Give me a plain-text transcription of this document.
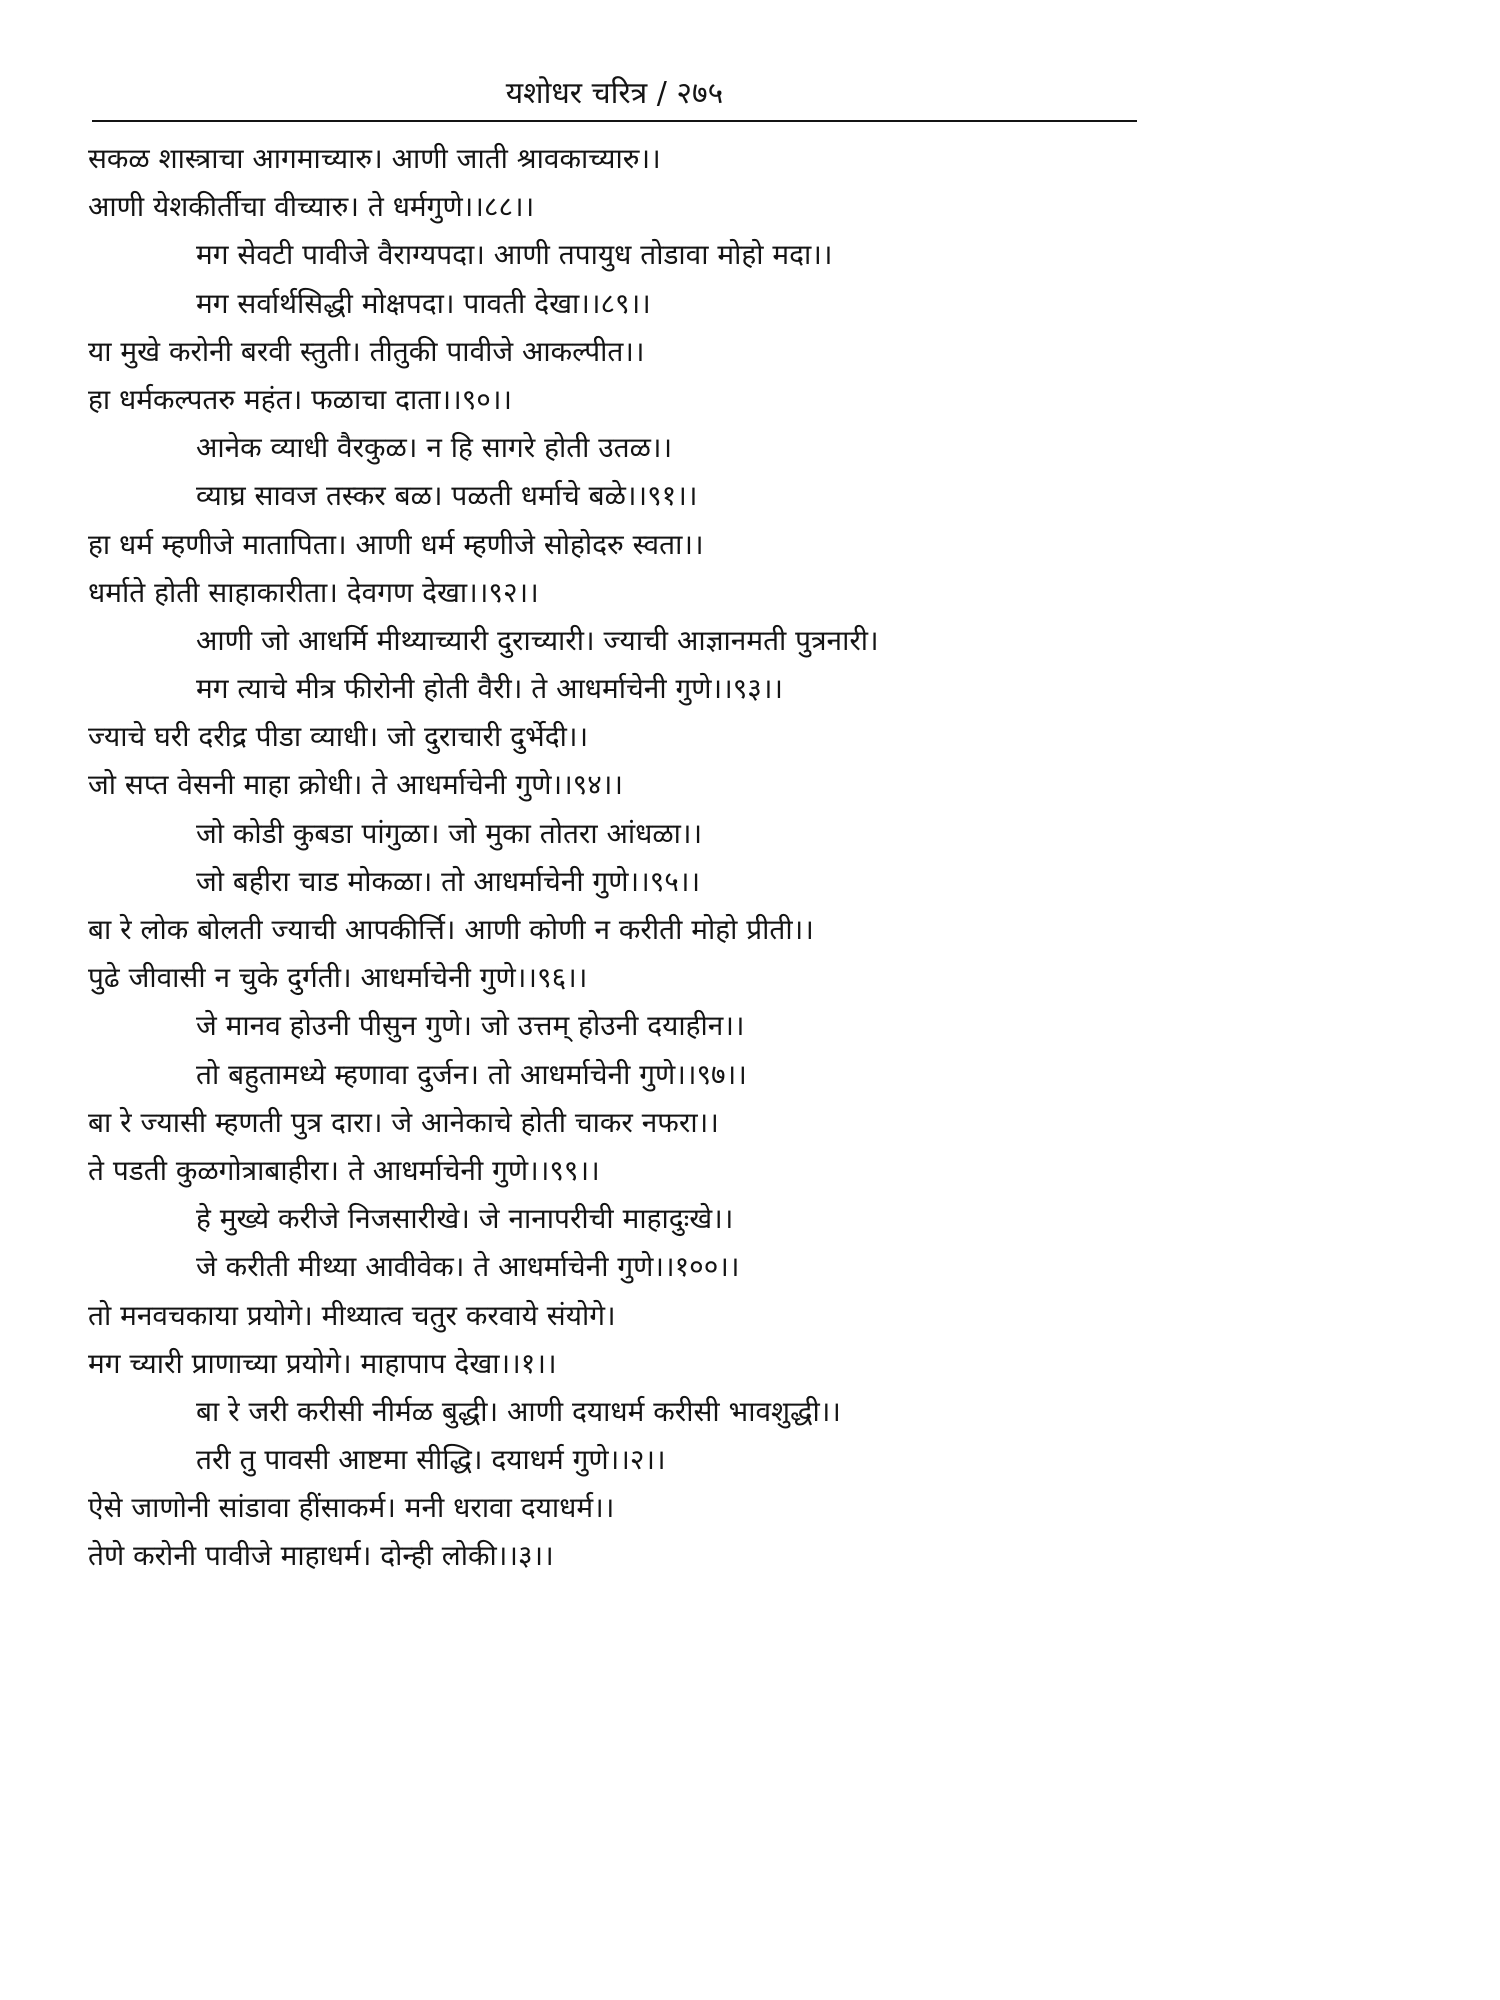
यशोधर चरित्र / २७५
सकळ शास्त्राचा आगमाच्यारु। आणी जाती श्रावकाच्यारु।।
आणी येशकीर्तीचा वीच्यारु। ते धर्मगुणे।।८८।।
मग सेवटी पावीजे वैराग्यपदा। आणी तपायुध तोडावा मोहो मदा।।
मग सर्वार्थसिद्धी मोक्षपदा। पावती देखा।।८९।।
या मुखे करोनी बरवी स्तुती। तीतुकी पावीजे आकल्पीत।।
हा धर्मकल्पतरु महंत। फळाचा दाता।।९०।।
आनेक व्याधी वैरकुळ। न हि सागरे होती उतळ।।
व्याघ्र सावज तस्कर बळ। पळती धर्माचे बळे।।९१।।
हा धर्म म्हणीजे मातापिता। आणी धर्म म्हणीजे सोहोदरु स्वता।।
धर्माते होती साहाकारीता। देवगण देखा।।९२।।
आणी जो आधर्मि मीथ्याच्यारी दुराच्यारी। ज्याची आज्ञानमती पुत्रनारी।
मग त्याचे मीत्र फीरोनी होती वैरी। ते आधर्माचेनी गुणे।।९३।।
ज्याचे घरी दरीद्र पीडा व्याधी। जो दुराचारी दुर्भेदी।।
जो सप्त वेसनी माहा क्रोधी। ते आधर्माचेनी गुणे।।९४।।
जो कोडी कुबडा पांगुळा। जो मुका तोतरा आंधळा।।
जो बहीरा चाड मोकळा। तो आधर्माचेनी गुणे।।९५।।
बा रे लोक बोलती ज्याची आपकीर्त्ति। आणी कोणी न करीती मोहो प्रीती।।
पुढे जीवासी न चुके दुर्गती। आधर्माचेनी गुणे।।९६।।
जे मानव होउनी पीसुन गुणे। जो उत्तम् होउनी दयाहीन।।
तो बहुतामध्ये म्हणावा दुर्जन। तो आधर्माचेनी गुणे।।९७।।
बा रे ज्यासी म्हणती पुत्र दारा। जे आनेकाचे होती चाकर नफरा।।
ते पडती कुळगोत्राबाहीरा। ते आधर्माचेनी गुणे।।९९।।
हे मुख्ये करीजे निजसारीखे। जे नानापरीची माहादुःखे।।
जे करीती मीथ्या आवीवेक। ते आधर्माचेनी गुणे।।१००।।
तो मनवचकाया प्रयोगे। मीथ्यात्व चतुर करवाये संयोगे।
मग च्यारी प्राणाच्या प्रयोगे। माहापाप देखा।।१।।
बा रे जरी करीसी नीर्मळ बुद्धी। आणी दयाधर्म करीसी भावशुद्धी।।
तरी तु पावसी आष्टमा सीद्धि। दयाधर्म गुणे।।२।।
ऐसे जाणोनी सांडावा हींसाकर्म। मनी धरावा दयाधर्म।।
तेणे करोनी पावीजे माहाधर्म। दोन्ही लोकी।।३।।
